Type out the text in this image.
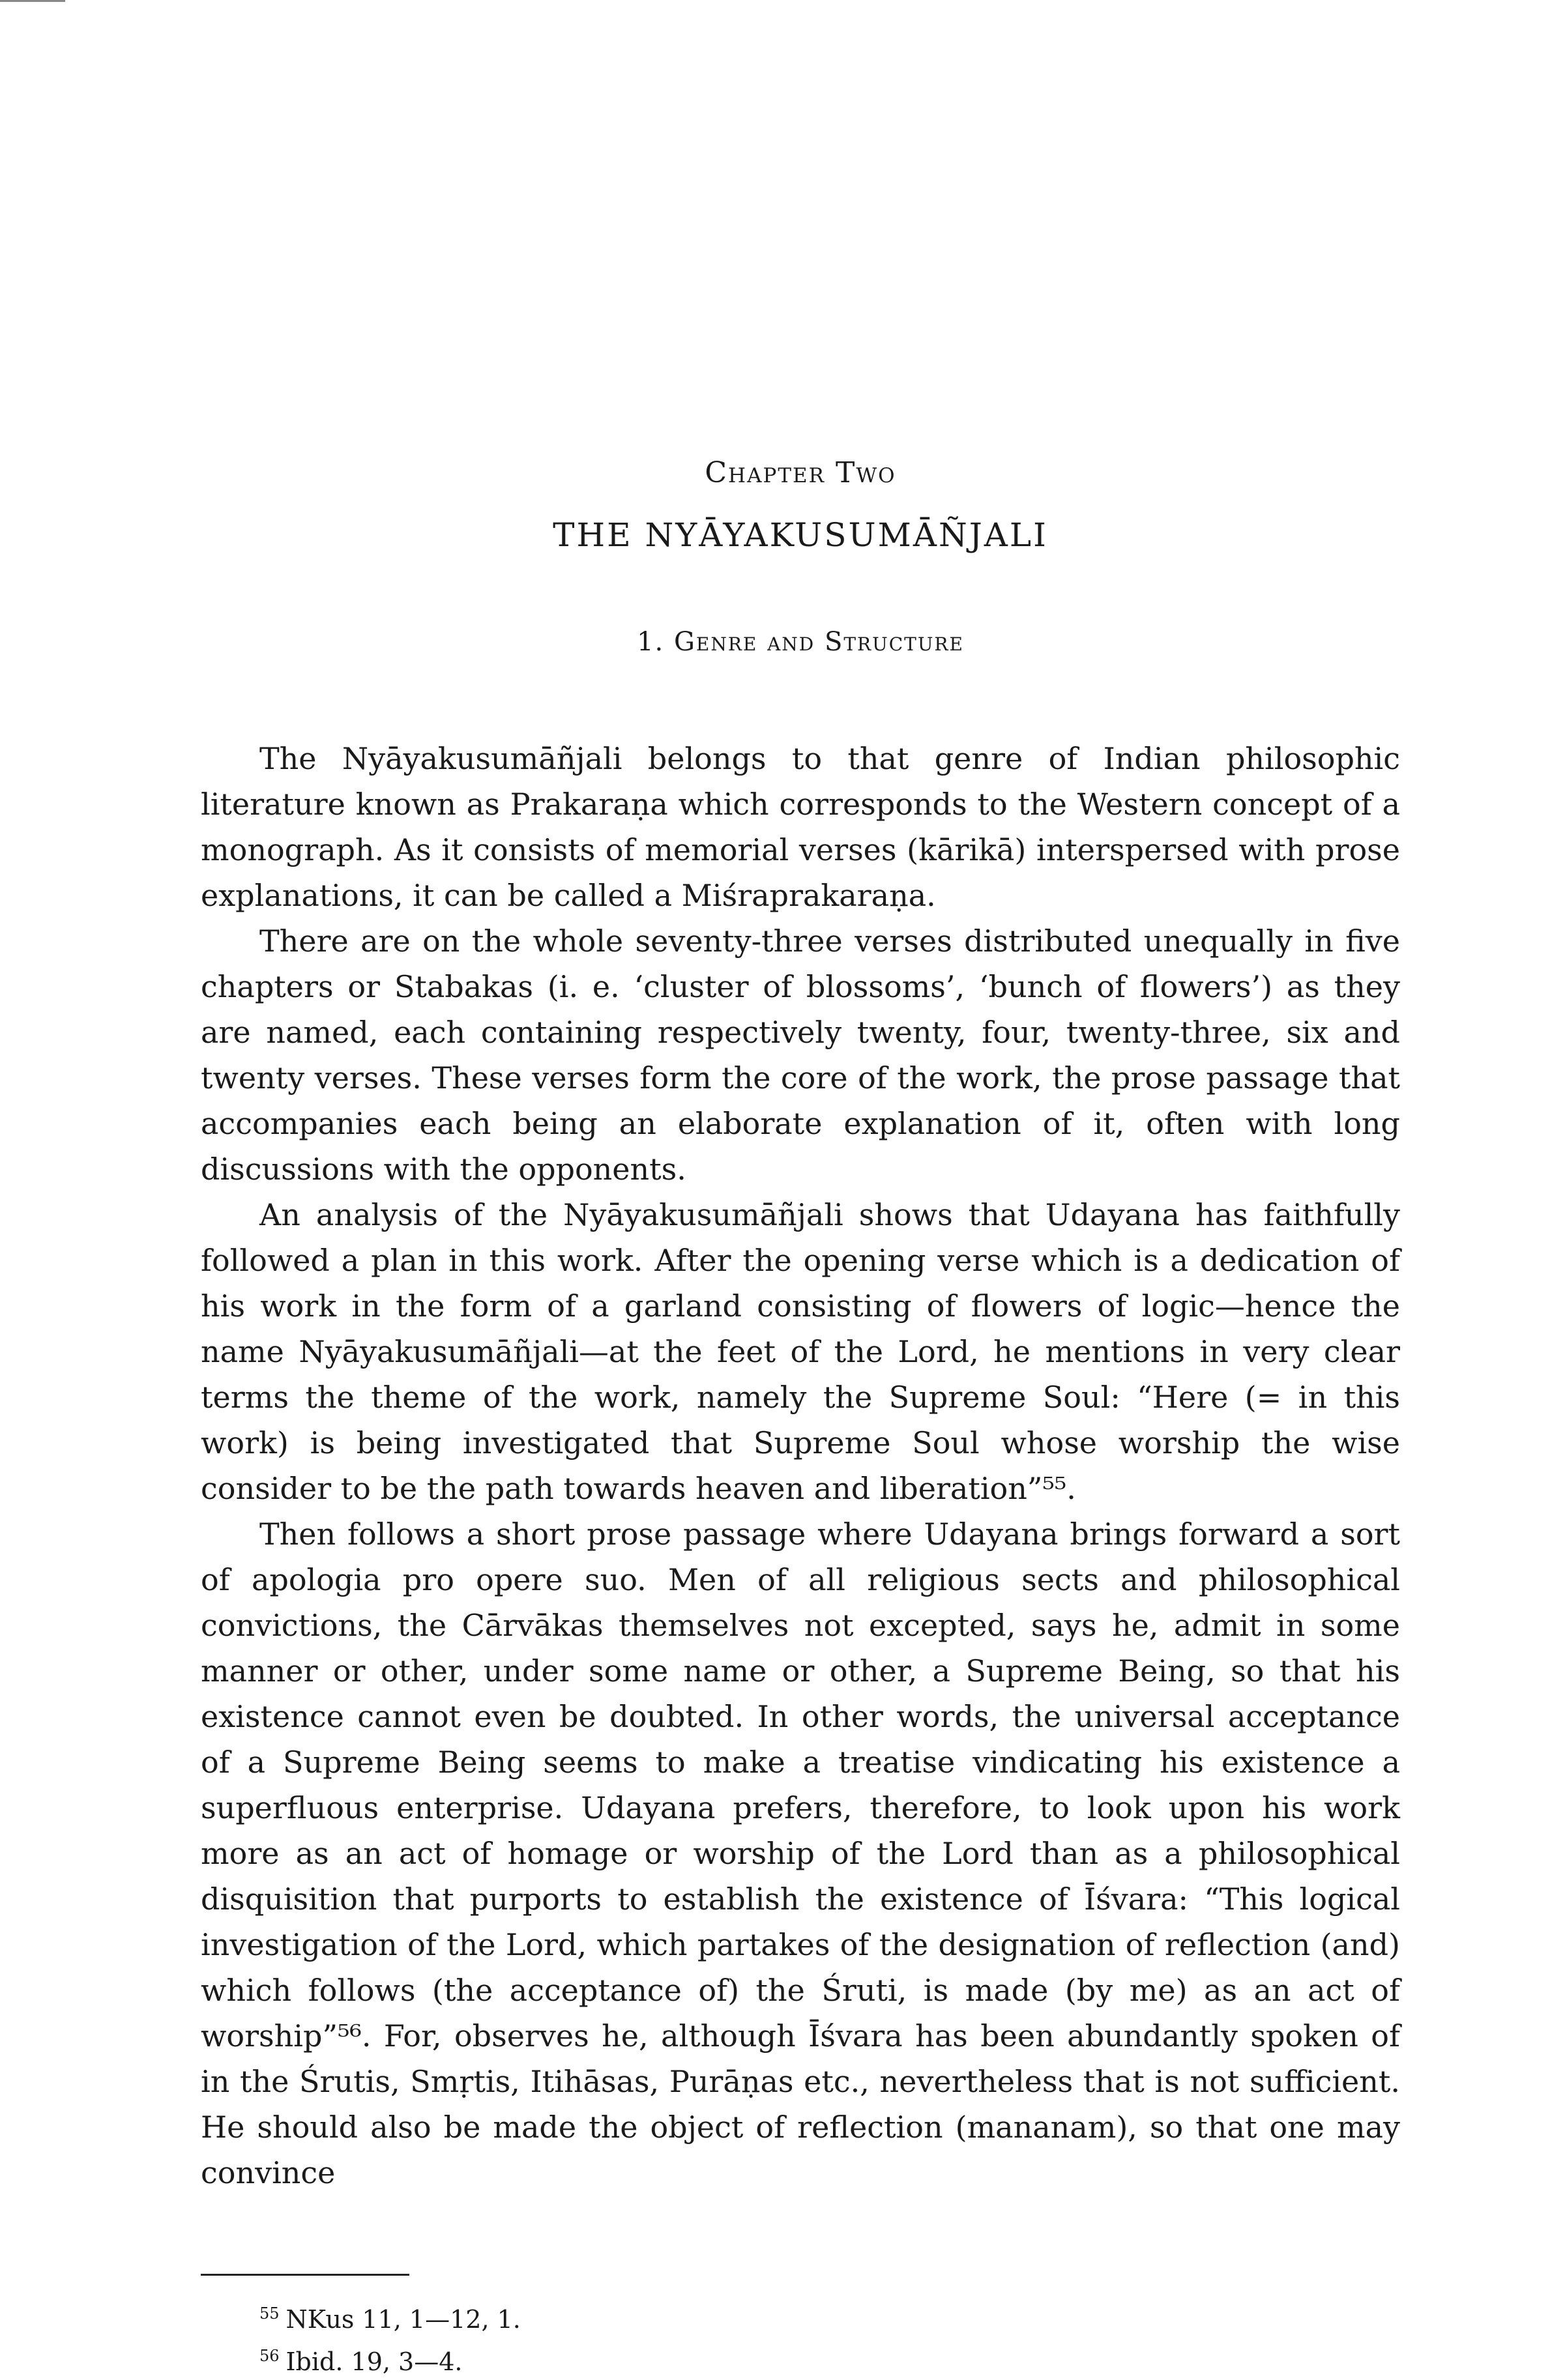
Chapter Two
THE NYĀYAKUSUMĀÑJALI
1. Genre and Structure

The Nyāyakusumāñjali belongs to that genre of Indian philosophic literature known as Prakaraṇa which corresponds to the Western concept of a monograph. As it consists of memorial verses (kārikā) interspersed with prose explanations, it can be called a Miśraprakaraṇa.

There are on the whole seventy-three verses distributed unequally in five chapters or Stabakas (i. e. ‘cluster of blossoms’, ‘bunch of flowers’) as they are named, each containing respectively twenty, four, twenty-three, six and twenty verses. These verses form the core of the work, the prose passage that accompanies each being an elaborate explanation of it, often with long discussions with the opponents.

An analysis of the Nyāyakusumāñjali shows that Udayana has faithfully followed a plan in this work. After the opening verse which is a dedication of his work in the form of a garland consisting of flowers of logic—hence the name Nyāyakusumāñjali—at the feet of the Lord, he mentions in very clear terms the theme of the work, namely the Supreme Soul: “Here (= in this work) is being investigated that Supreme Soul whose worship the wise consider to be the path towards heaven and liberation”⁵⁵.

Then follows a short prose passage where Udayana brings forward a sort of apologia pro opere suo. Men of all religious sects and philosophical convictions, the Cārvākas themselves not excepted, says he, admit in some manner or other, under some name or other, a Supreme Being, so that his existence cannot even be doubted. In other words, the universal acceptance of a Supreme Being seems to make a treatise vindicating his existence a superfluous enterprise. Udayana prefers, therefore, to look upon his work more as an act of homage or worship of the Lord than as a philosophical disquisition that purports to establish the existence of Īśvara: “This logical investigation of the Lord, which partakes of the designation of reflection (and) which follows (the acceptance of) the Śruti, is made (by me) as an act of worship”⁵⁶. For, observes he, although Īśvara has been abundantly spoken of in the Śrutis, Smṛtis, Itihāsas, Purāṇas etc., nevertheless that is not sufficient. He should also be made the object of reflection (mananam), so that one may convince

$^{55}$ NKus 11, 1—12, 1.

$^{56}$ Ibid. 19, 3—4.
